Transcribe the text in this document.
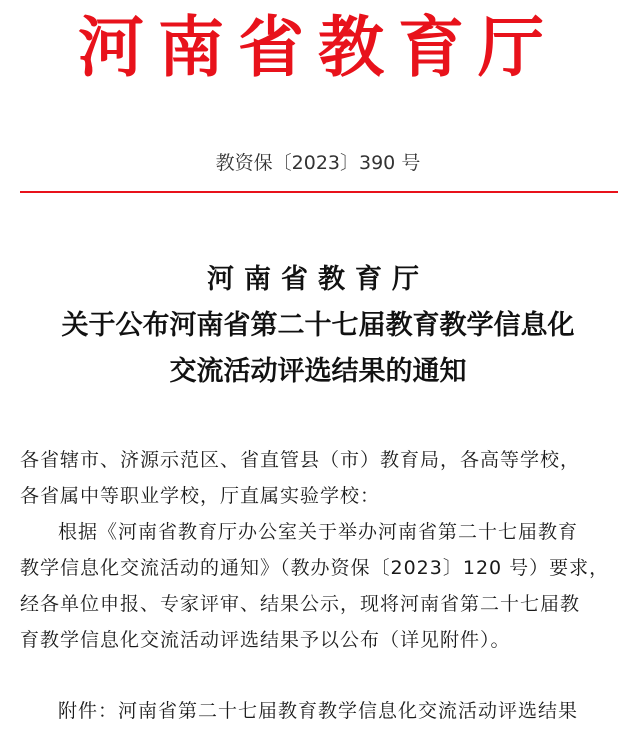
河南省教育厅
教资保〔2023〕390 号
河南省教育厅
关于公布河南省第二十七届教育教学信息化
交流活动评选结果的通知
各省辖市、济源示范区、省直管县（市）教育局，各高等学校，
各省属中等职业学校，厅直属实验学校：
根据《河南省教育厅办公室关于举办河南省第二十七届教育
教学信息化交流活动的通知》（教办资保〔2023〕120 号）要求，
经各单位申报、专家评审、结果公示，现将河南省第二十七届教
育教学信息化交流活动评选结果予以公布（详见附件）。
附件：河南省第二十七届教育教学信息化交流活动评选结果
